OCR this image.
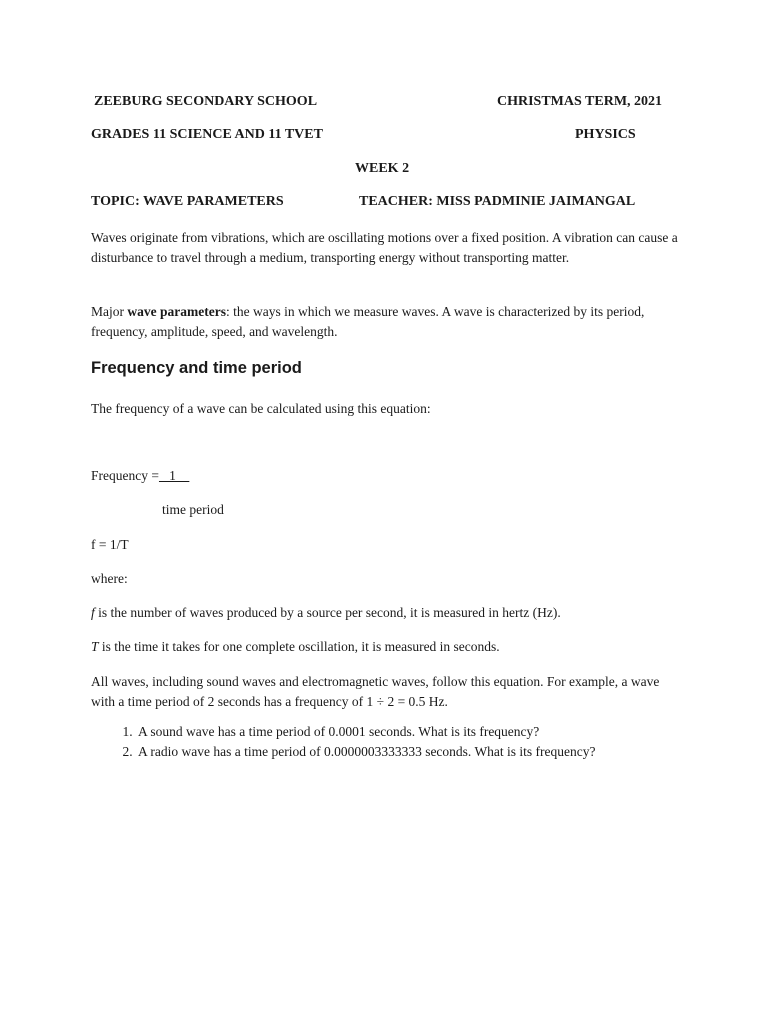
ZEEBURG SECONDARY SCHOOL	CHRISTMAS TERM, 2021
GRADES 11 SCIENCE AND 11 TVET	PHYSICS
WEEK 2
TOPIC: WAVE PARAMETERS	TEACHER: MISS PADMINIE JAIMANGAL
Waves originate from vibrations, which are oscillating motions over a fixed position. A vibration can cause a disturbance to travel through a medium, transporting energy without transporting matter.
Major wave parameters: the ways in which we measure waves. A wave is characterized by its period, frequency, amplitude, speed, and wavelength.
Frequency and time period
The frequency of a wave can be calculated using this equation:
Frequency =   1
time period
f = 1/T
where:
f is the number of waves produced by a source per second, it is measured in hertz (Hz).
T is the time it takes for one complete oscillation, it is measured in seconds.
All waves, including sound waves and electromagnetic waves, follow this equation. For example, a wave with a time period of 2 seconds has a frequency of 1 ÷ 2 = 0.5 Hz.
1. A sound wave has a time period of 0.0001 seconds. What is its frequency?
2. A radio wave has a time period of 0.0000003333333 seconds. What is its frequency?
